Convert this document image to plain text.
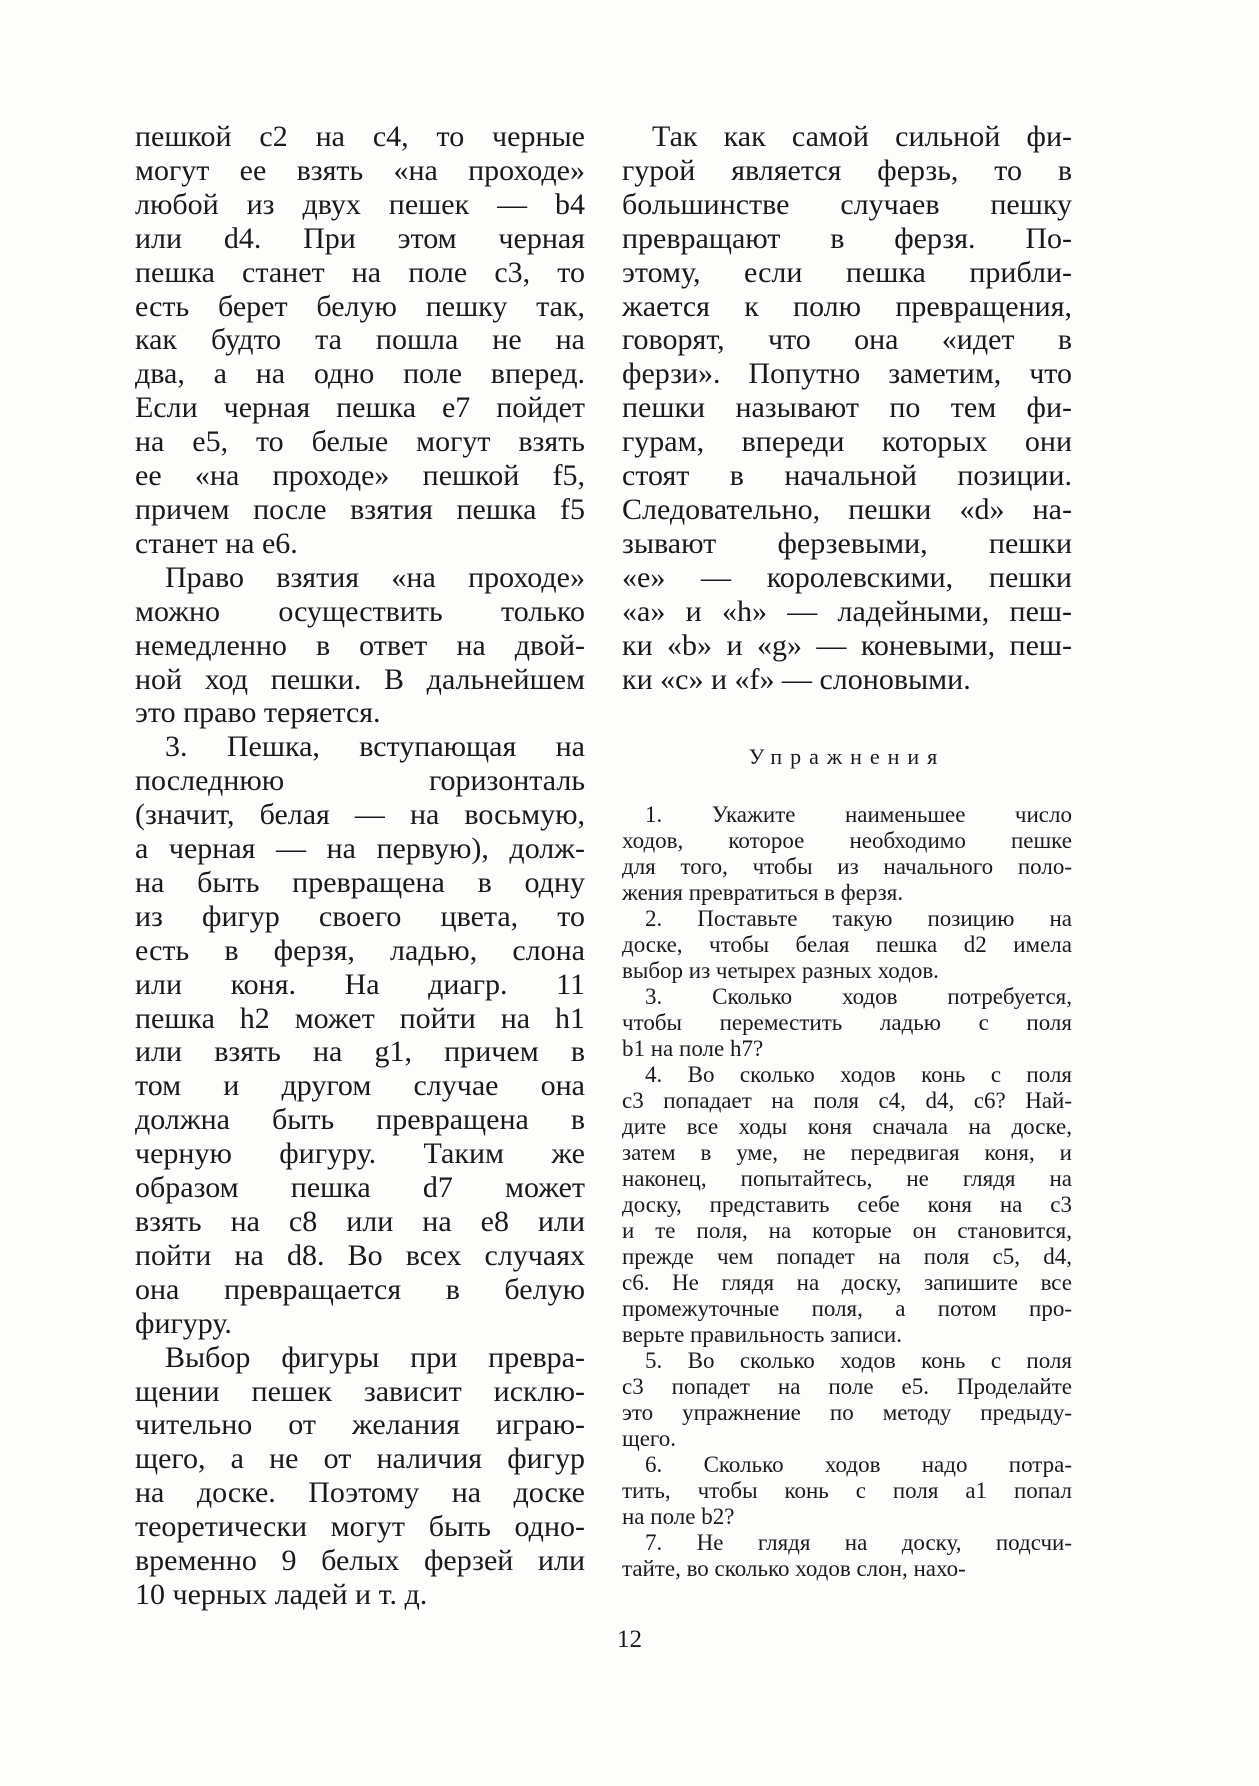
пешкой с2 на с4, то черные
могут ее взять «на проходе»
любой из двух пешек — b4
или d4. При этом черная
пешка станет на поле с3, то
есть берет белую пешку так,
как будто та пошла не на
два, а на одно поле вперед.
Если черная пешка е7 пойдет
на е5, то белые могут взять
ее «на проходе» пешкой f5,
причем после взятия пешка f5
станет на е6.
 Право взятия «на проходе»
можно осуществить только
немедленно в ответ на двой-
ной ход пешки. В дальнейшем
это право теряется.
 3. Пешка, вступающая на
последнюю горизонталь
(значит, белая — на восьмую,
а черная — на первую), долж-
на быть превращена в одну
из фигур своего цвета, то
есть в ферзя, ладью, слона
или коня. На диагр. 11
пешка h2 может пойти на h1
или взять на g1, причем в
том и другом случае она
должна быть превращена в
черную фигуру. Таким же
образом пешка d7 может
взять на с8 или на е8 или
пойти на d8. Во всех случаях
она превращается в белую
фигуру.
 Выбор фигуры при превра-
щении пешек зависит исклю-
чительно от желания играю-
щего, а не от наличия фигур
на доске. Поэтому на доске
теоретически могут быть одно-
временно 9 белых ферзей или
10 черных ладей и т. д.
 Так как самой сильной фи-
гурой является ферзь, то в
большинстве случаев пешку
превращают в ферзя. По-
этому, если пешка прибли-
жается к полю превращения,
говорят, что она «идет в
ферзи». Попутно заметим, что
пешки называют по тем фи-
гурам, впереди которых они
стоят в начальной позиции.
Следовательно, пешки «d» на-
зывают ферзевыми, пешки
«е» — королевскими, пешки
«а» и «h» — ладейными, пеш-
ки «b» и «g» — коневыми, пеш-
ки «с» и «f» — слоновыми.
Упражнения
 1. Укажите наименьшее число
ходов, которое необходимо пешке
для того, чтобы из начального поло-
жения превратиться в ферзя.
 2. Поставьте такую позицию на
доске, чтобы белая пешка d2 имела
выбор из четырех разных ходов.
 3. Сколько ходов потребуется,
чтобы переместить ладью с поля
b1 на поле h7?
 4. Во сколько ходов конь с поля
с3 попадает на поля с4, d4, с6? Най-
дите все ходы коня сначала на доске,
затем в уме, не передвигая коня, и
наконец, попытайтесь, не глядя на
доску, представить себе коня на с3
и те поля, на которые он становится,
прежде чем попадет на поля с5, d4,
с6. Не глядя на доску, запишите все
промежуточные поля, а потом про-
верьте правильность записи.
 5. Во сколько ходов конь с поля
с3 попадет на поле е5. Проделайте
это упражнение по методу предыду-
щего.
 6. Сколько ходов надо потра-
тить, чтобы конь с поля а1 попал
на поле b2?
 7. Не глядя на доску, подсчи-
тайте, во сколько ходов слон, нахо-
12
